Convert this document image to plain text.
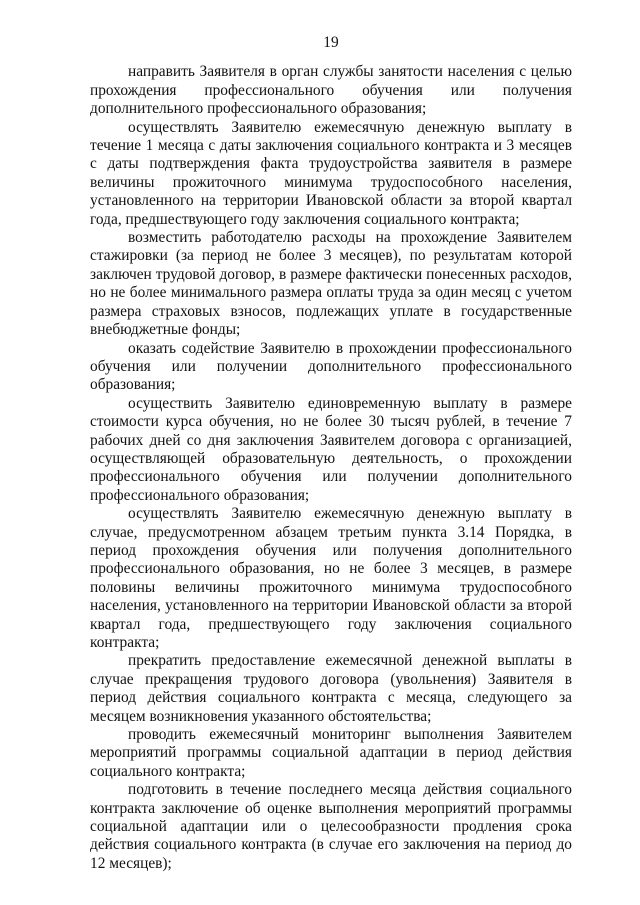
19

направить Заявителя в орган службы занятости населения с целью прохождения профессионального обучения или получения дополнительного профессионального образования;

осуществлять Заявителю ежемесячную денежную выплату в течение 1 месяца с даты заключения социального контракта и 3 месяцев с даты подтверждения факта трудоустройства заявителя в размере величины прожиточного минимума трудоспособного населения, установленного на территории Ивановской области за второй квартал года, предшествующего году заключения социального контракта;

возместить работодателю расходы на прохождение Заявителем стажировки (за период не более 3 месяцев), по результатам которой заключен трудовой договор, в размере фактически понесенных расходов, но не более минимального размера оплаты труда за один месяц с учетом размера страховых взносов, подлежащих уплате в государственные внебюджетные фонды;

оказать содействие Заявителю в прохождении профессионального обучения или получении дополнительного профессионального образования;

осуществить Заявителю единовременную выплату в размере стоимости курса обучения, но не более 30 тысяч рублей, в течение 7 рабочих дней со дня заключения Заявителем договора с организацией, осуществляющей образовательную деятельность, о прохождении профессионального обучения или получении дополнительного профессионального образования;

осуществлять Заявителю ежемесячную денежную выплату в случае, предусмотренном абзацем третьим пункта 3.14 Порядка, в период прохождения обучения или получения дополнительного профессионального образования, но не более 3 месяцев, в размере половины величины прожиточного минимума трудоспособного населения, установленного на территории Ивановской области за второй квартал года, предшествующего году заключения социального контракта;

прекратить предоставление ежемесячной денежной выплаты в случае прекращения трудового договора (увольнения) Заявителя в период действия социального контракта с месяца, следующего за месяцем возникновения указанного обстоятельства;

проводить ежемесячный мониторинг выполнения Заявителем мероприятий программы социальной адаптации в период действия социального контракта;

подготовить в течение последнего месяца действия социального контракта заключение об оценке выполнения мероприятий программы социальной адаптации или о целесообразности продления срока действия социального контракта (в случае его заключения на период до 12 месяцев);
